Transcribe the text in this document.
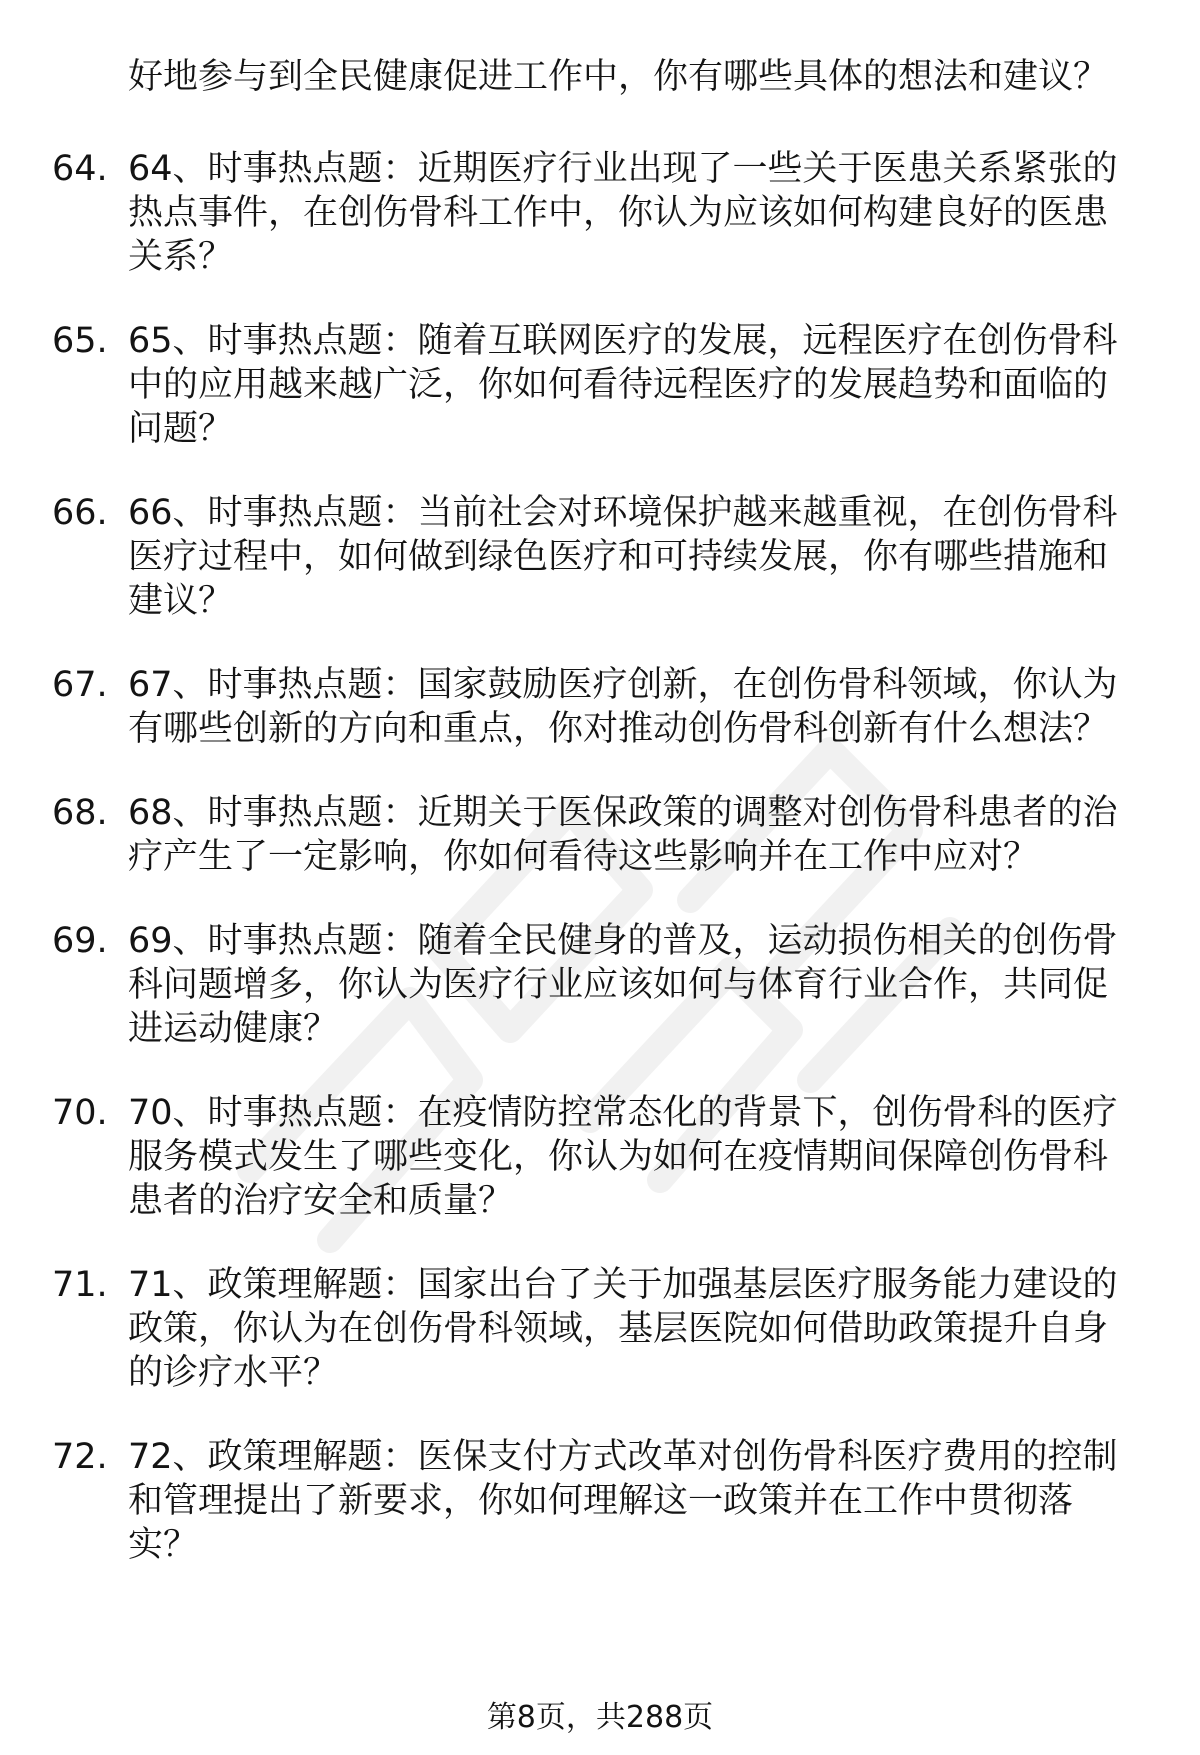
好地参与到全民健康促进工作中，你有哪些具体的想法和建议？
64. 64、时事热点题：近期医疗行业出现了一些关于医患关系紧张的热点事件，在创伤骨科工作中，你认为应该如何构建良好的医患关系？
65. 65、时事热点题：随着互联网医疗的发展，远程医疗在创伤骨科中的应用越来越广泛，你如何看待远程医疗的发展趋势和面临的问题？
66. 66、时事热点题：当前社会对环境保护越来越重视，在创伤骨科医疗过程中，如何做到绿色医疗和可持续发展，你有哪些措施和建议？
67. 67、时事热点题：国家鼓励医疗创新，在创伤骨科领域，你认为有哪些创新的方向和重点，你对推动创伤骨科创新有什么想法？
68. 68、时事热点题：近期关于医保政策的调整对创伤骨科患者的治疗产生了一定影响，你如何看待这些影响并在工作中应对？
69. 69、时事热点题：随着全民健身的普及，运动损伤相关的创伤骨科问题增多，你认为医疗行业应该如何与体育行业合作，共同促进运动健康？
70. 70、时事热点题：在疫情防控常态化的背景下，创伤骨科的医疗服务模式发生了哪些变化，你认为如何在疫情期间保障创伤骨科患者的治疗安全和质量？
71. 71、政策理解题：国家出台了关于加强基层医疗服务能力建设的政策，你认为在创伤骨科领域，基层医院如何借助政策提升自身的诊疗水平？
72. 72、政策理解题：医保支付方式改革对创伤骨科医疗费用的控制和管理提出了新要求，你如何理解这一政策并在工作中贯彻落实？
第8页，共288页
